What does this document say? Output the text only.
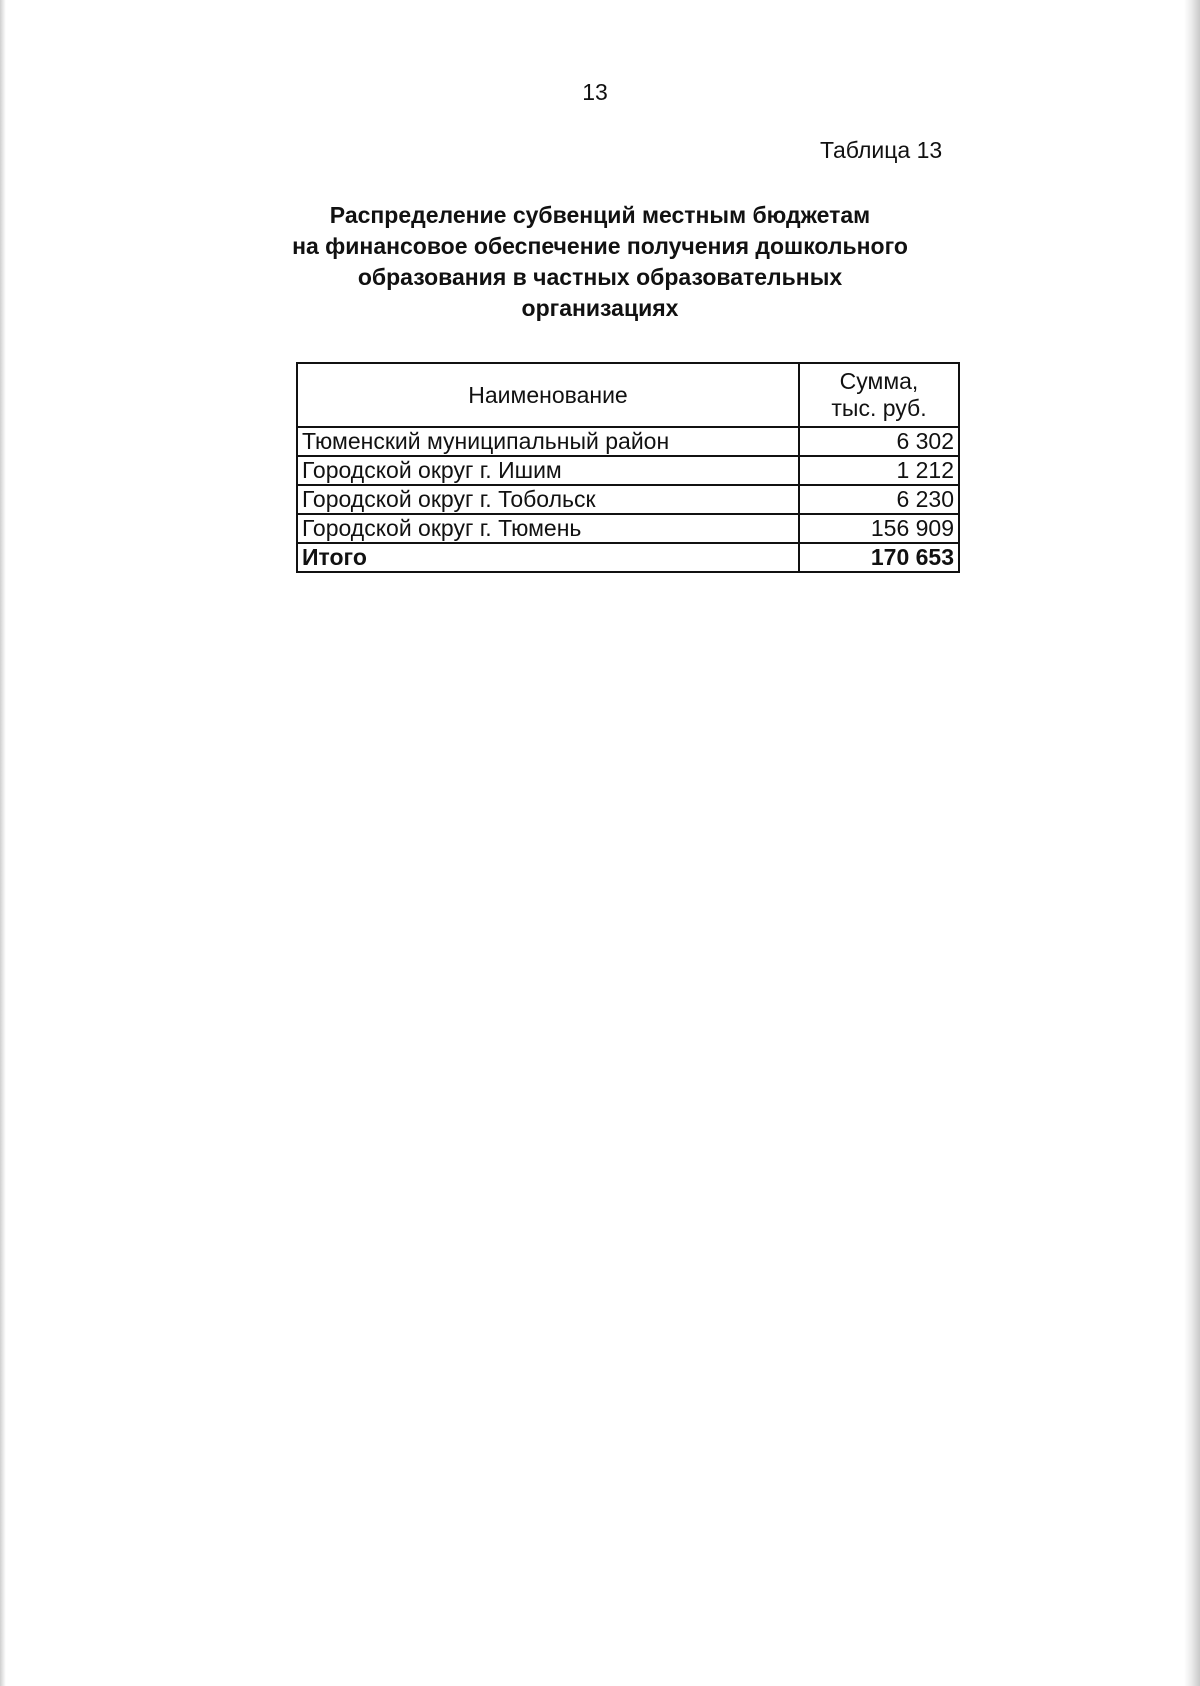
13
Таблица 13
Распределение субвенций местным бюджетам
на финансовое обеспечение получения дошкольного
образования в частных образовательных
организациях
Наименование	Сумма,
тыс. руб.
Тюменский муниципальный район	6 302
Городской округ г. Ишим	1 212
Городской округ г. Тобольск	6 230
Городской округ г. Тюмень	156 909
Итого	170 653
